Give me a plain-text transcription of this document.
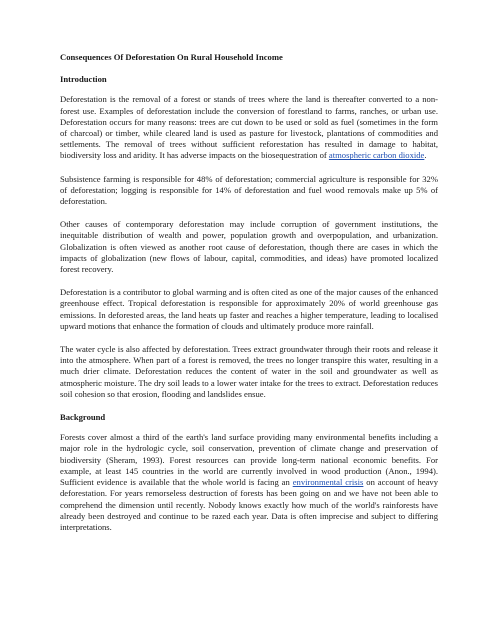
Consequences Of Deforestation On Rural Household Income
Introduction

Deforestation is the removal of a forest or stands of trees where the land is thereafter converted to a non-forest use. Examples of deforestation include the conversion of forestland to farms, ranches, or urban use. Deforestation occurs for many reasons: trees are cut down to be used or sold as fuel (sometimes in the form of charcoal) or timber, while cleared land is used as pasture for livestock, plantations of commodities and settlements. The removal of trees without sufficient reforestation has resulted in damage to habitat, biodiversity loss and aridity. It has adverse impacts on the biosequestration of atmospheric carbon dioxide.

Subsistence farming is responsible for 48% of deforestation; commercial agriculture is responsible for 32% of deforestation; logging is responsible for 14% of deforestation and fuel wood removals make up 5% of deforestation.

Other causes of contemporary deforestation may include corruption of government institutions, the inequitable distribution of wealth and power, population growth and overpopulation, and urbanization. Globalization is often viewed as another root cause of deforestation, though there are cases in which the impacts of globalization (new flows of labour, capital, commodities, and ideas) have promoted localized forest recovery.

Deforestation is a contributor to global warming and is often cited as one of the major causes of the enhanced greenhouse effect. Tropical deforestation is responsible for approximately 20% of world greenhouse gas emissions. In deforested areas, the land heats up faster and reaches a higher temperature, leading to localised upward motions that enhance the formation of clouds and ultimately produce more rainfall.

The water cycle is also affected by deforestation. Trees extract groundwater through their roots and release it into the atmosphere. When part of a forest is removed, the trees no longer transpire this water, resulting in a much drier climate. Deforestation reduces the content of water in the soil and groundwater as well as atmospheric moisture. The dry soil leads to a lower water intake for the trees to extract. Deforestation reduces soil cohesion so that erosion, flooding and landslides ensue.

Background

Forests cover almost a third of the earth's land surface providing many environmental benefits including a major role in the hydrologic cycle, soil conservation, prevention of climate change and preservation of biodiversity (Sheram, 1993). Forest resources can provide long-term national economic benefits. For example, at least 145 countries in the world are currently involved in wood production (Anon., 1994). Sufficient evidence is available that the whole world is facing an environmental crisis on account of heavy deforestation. For years remorseless destruction of forests has been going on and we have not been able to comprehend the dimension until recently. Nobody knows exactly how much of the world's rainforests have already been destroyed and continue to be razed each year. Data is often imprecise and subject to differing interpretations.
